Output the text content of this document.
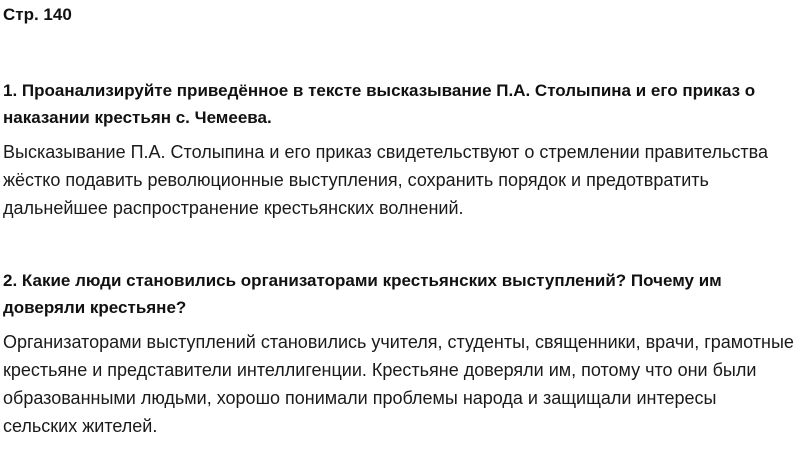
Стр. 140

1. Проанализируйте приведённое в тексте высказывание П.А. Столыпина и его приказ о наказании крестьян с. Чемеева.

Высказывание П.А. Столыпина и его приказ свидетельствуют о стремлении правительства жёстко подавить революционные выступления, сохранить порядок и предотвратить дальнейшее распространение крестьянских волнений.

2. Какие люди становились организаторами крестьянских выступлений? Почему им доверяли крестьяне?

Организаторами выступлений становились учителя, студенты, священники, врачи, грамотные крестьяне и представители интеллигенции. Крестьяне доверяли им, потому что они были образованными людьми, хорошо понимали проблемы народа и защищали интересы сельских жителей.
